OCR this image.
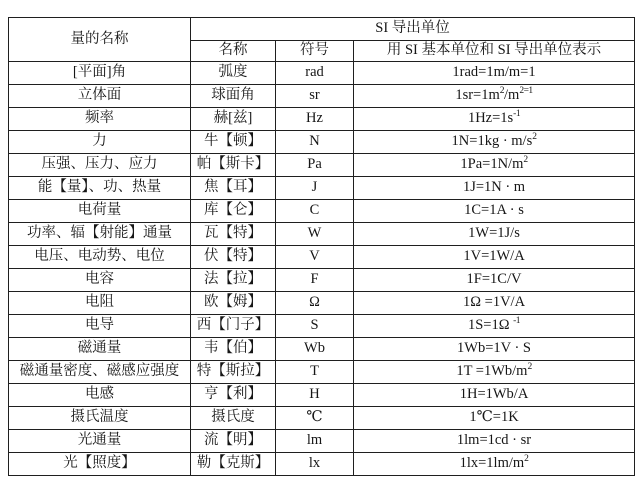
量的名称	SI 导出单位		
	名称	符号	用 SI 基本单位和 SI 导出单位表示
[平面]角	弧度	rad	1rad=1m/m=1
立体面	球面角	sr	$1sr=1m^2/m^{2=1}$
频率	赫[兹]	Hz	$1Hz=1s^{-1}$
力	牛【顿】	N	$1N=1kg \cdot m/s^2$
压强、压力、应力	帕【斯卡】	Pa	$1Pa=1N/m^2$
能【量】、功、热量	焦【耳】	J	1J=1N · m
电荷量	库【仑】	C	1C=1A · s
功率、辐【射能】通量	瓦【特】	W	1W=1J/s
电压、电动势、电位	伏【特】	V	1V=1W/A
电容	法【拉】	F	1F=1C/V
电阻	欧【姆】	Ω	1Ω =1V/A
电导	西【门子】	S	1S=1Ω $^{-1}$
磁通量	韦【伯】	Wb	1Wb=1V · S
磁通量密度、磁感应强度	特【斯拉】	T	$1T =1Wb/m^2$
电感	亨【利】	H	1H=1Wb/A
摄氏温度	摄氏度	℃	1℃=1K
光通量	流【明】	lm	1lm=1cd · sr
光【照度】	勒【克斯】	lx	$1lx=1lm/m^2$
